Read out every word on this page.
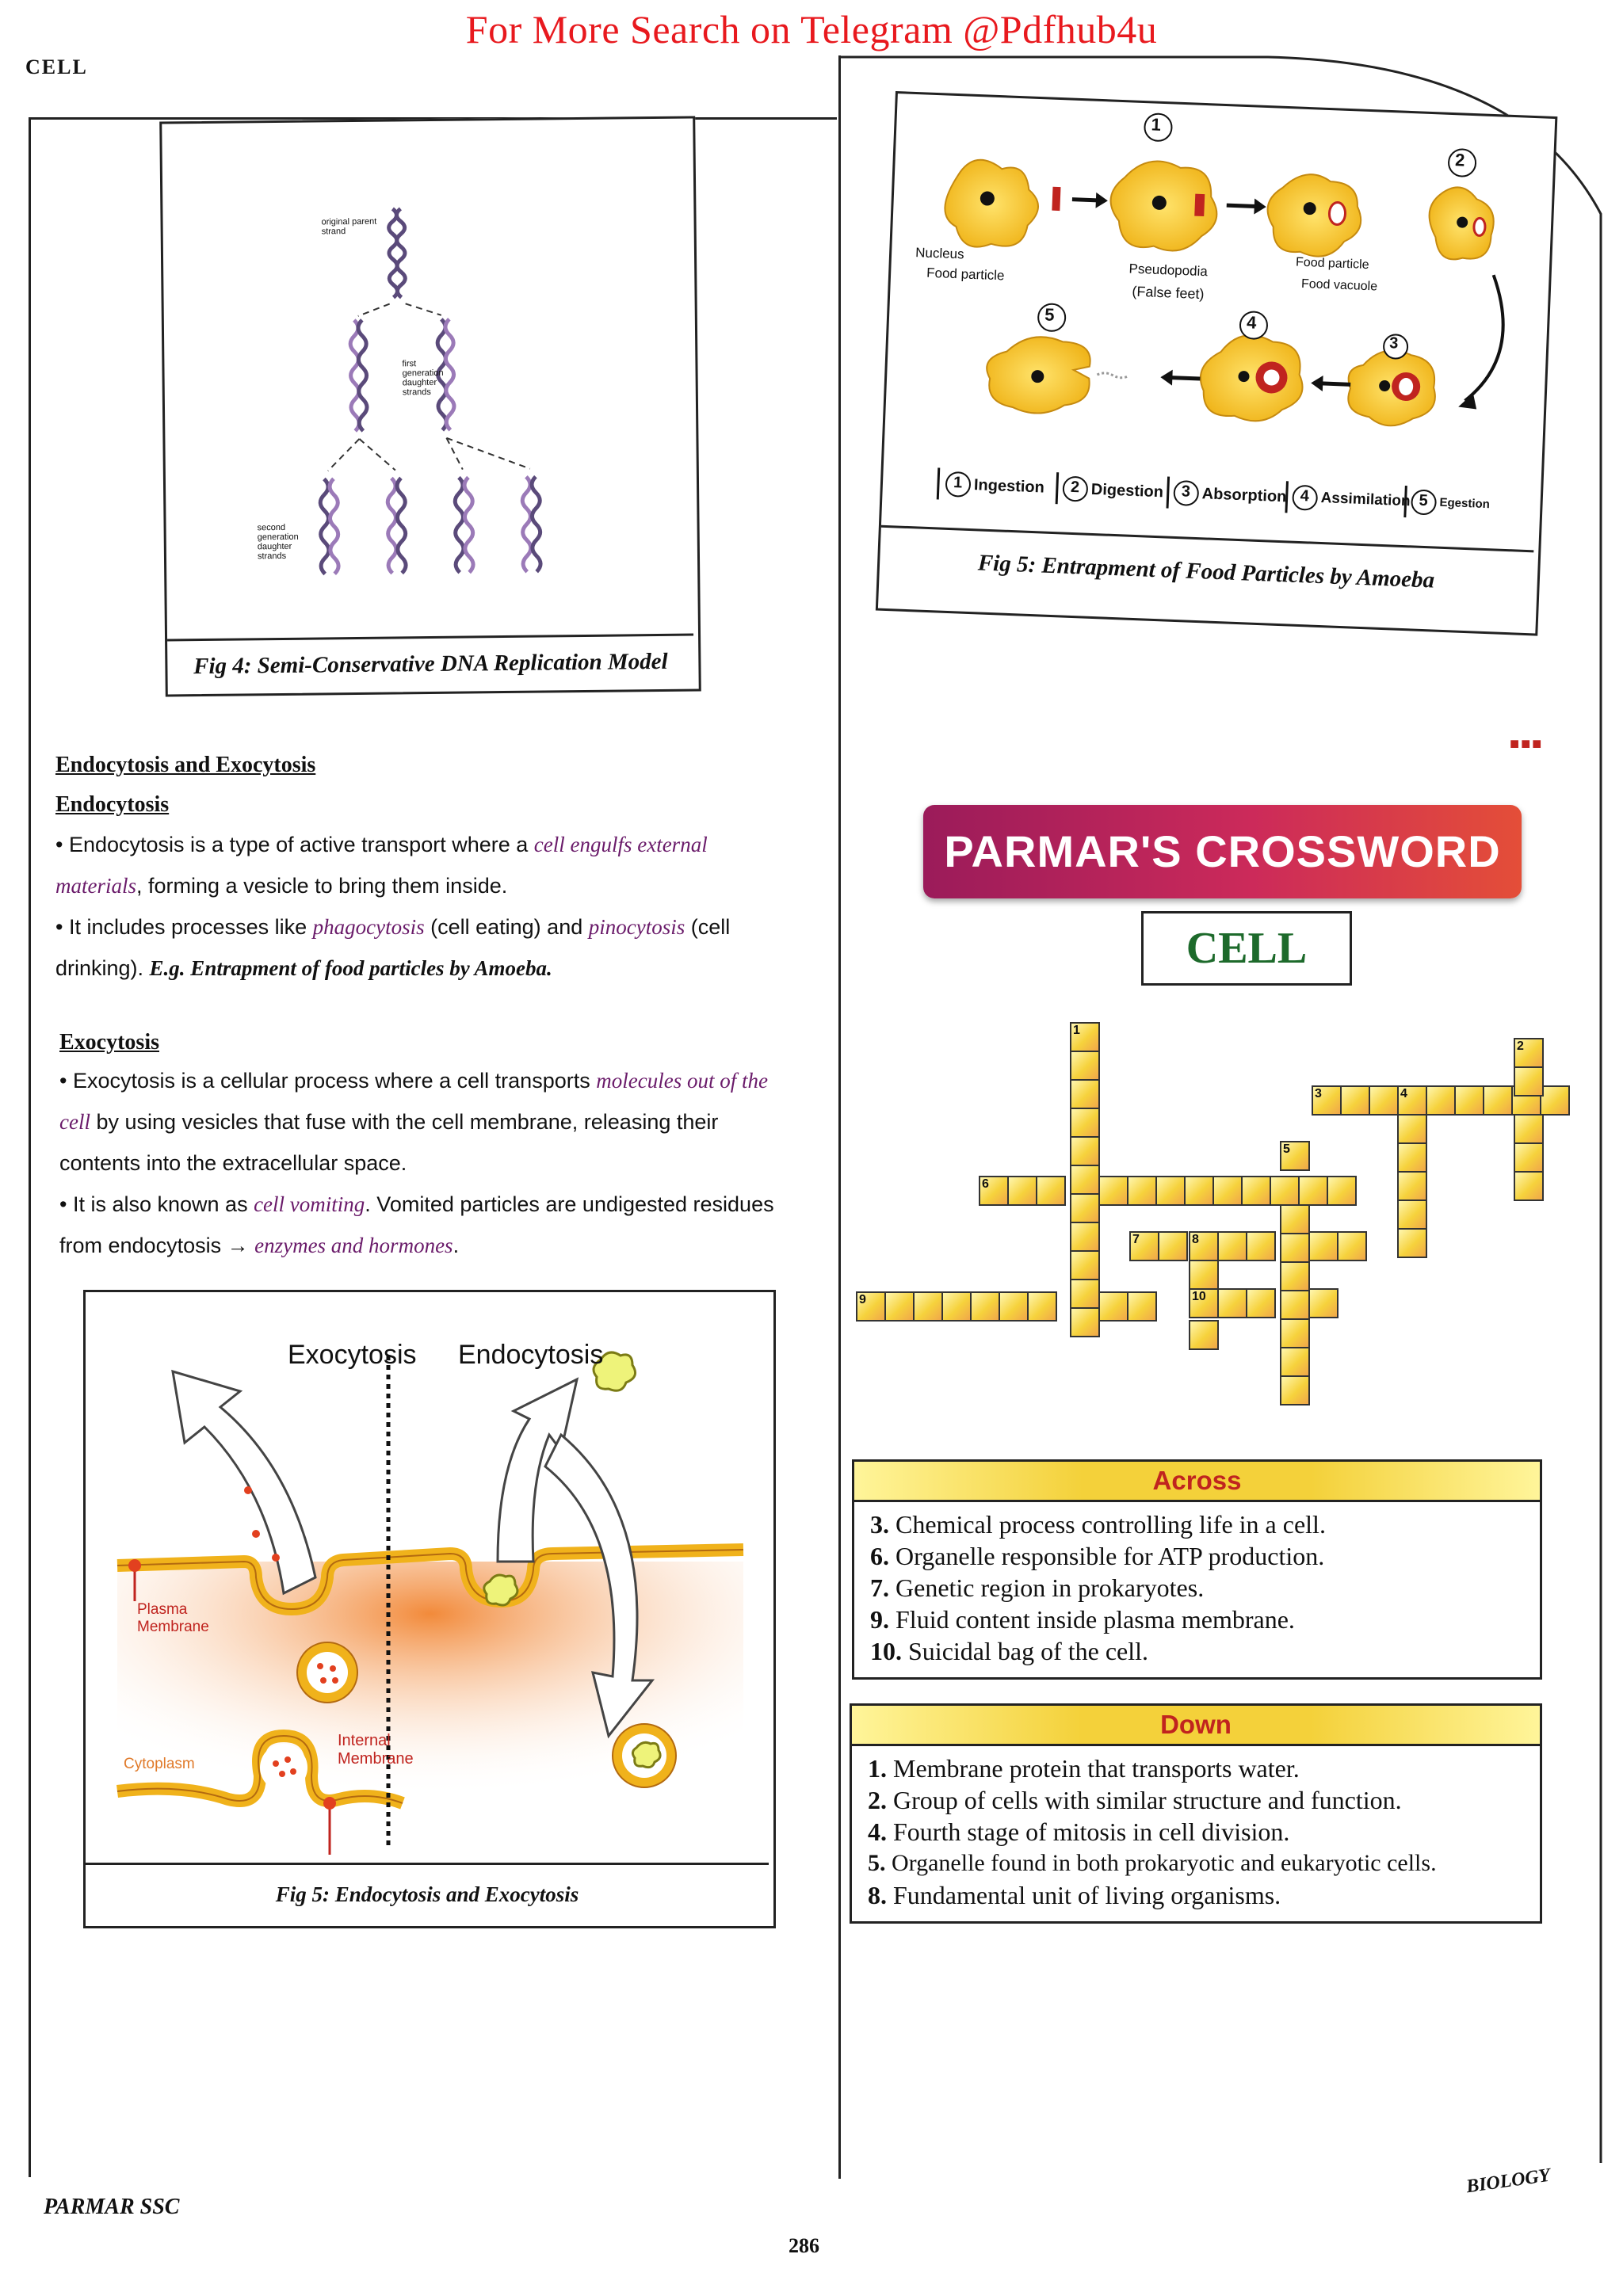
For More Search on Telegram @Pdfhub4u
CELL
original parent strand
first generation daughter strands
second generation daughter strands
Fig 4: Semi-Conservative DNA Replication Model
1
2
3
4
5
Nucleus
Food particle	Pseudopodia
(False feet)
Food particle
Food vacuole
1 Ingestion 2 Digestion 3 Absorption 4 Assimilation 5 Egestion
Fig 5: Entrapment of Food Particles by Amoeba
Endocytosis and Exocytosis
Endocytosis
• Endocytosis is a type of active transport where a cell engulfs external materials, forming a vesicle to bring them inside.
• It includes processes like phagocytosis (cell eating) and pinocytosis (cell drinking). E.g. Entrapment of food particles by Amoeba.
Exocytosis
• Exocytosis is a cellular process where a cell transports molecules out of the cell by using vesicles that fuse with the cell membrane, releasing their contents into the extracellular space.
• It is also known as cell vomiting. Vomited particles are undigested residues from endocytosis → enzymes and hormones.
Exocytosis Endocytosis
Plasma Membrane
Cytoplasm
Internal Membrane
Fig 5: Endocytosis and Exocytosis
■■■
PARMAR'S CROSSWORD
CELL
1
6
9
3	4
2
5
7	8
10
Across
3. Chemical process controlling life in a cell.
6. Organelle responsible for ATP production.
7. Genetic region in prokaryotes.
9. Fluid content inside plasma membrane.
10. Suicidal bag of the cell.
Down
1. Membrane protein that transports water.
2. Group of cells with similar structure and function.
4. Fourth stage of mitosis in cell division.
5. Organelle found in both prokaryotic and eukaryotic cells.
8. Fundamental unit of living organisms.
PARMAR SSC
BIOLOGY
286
